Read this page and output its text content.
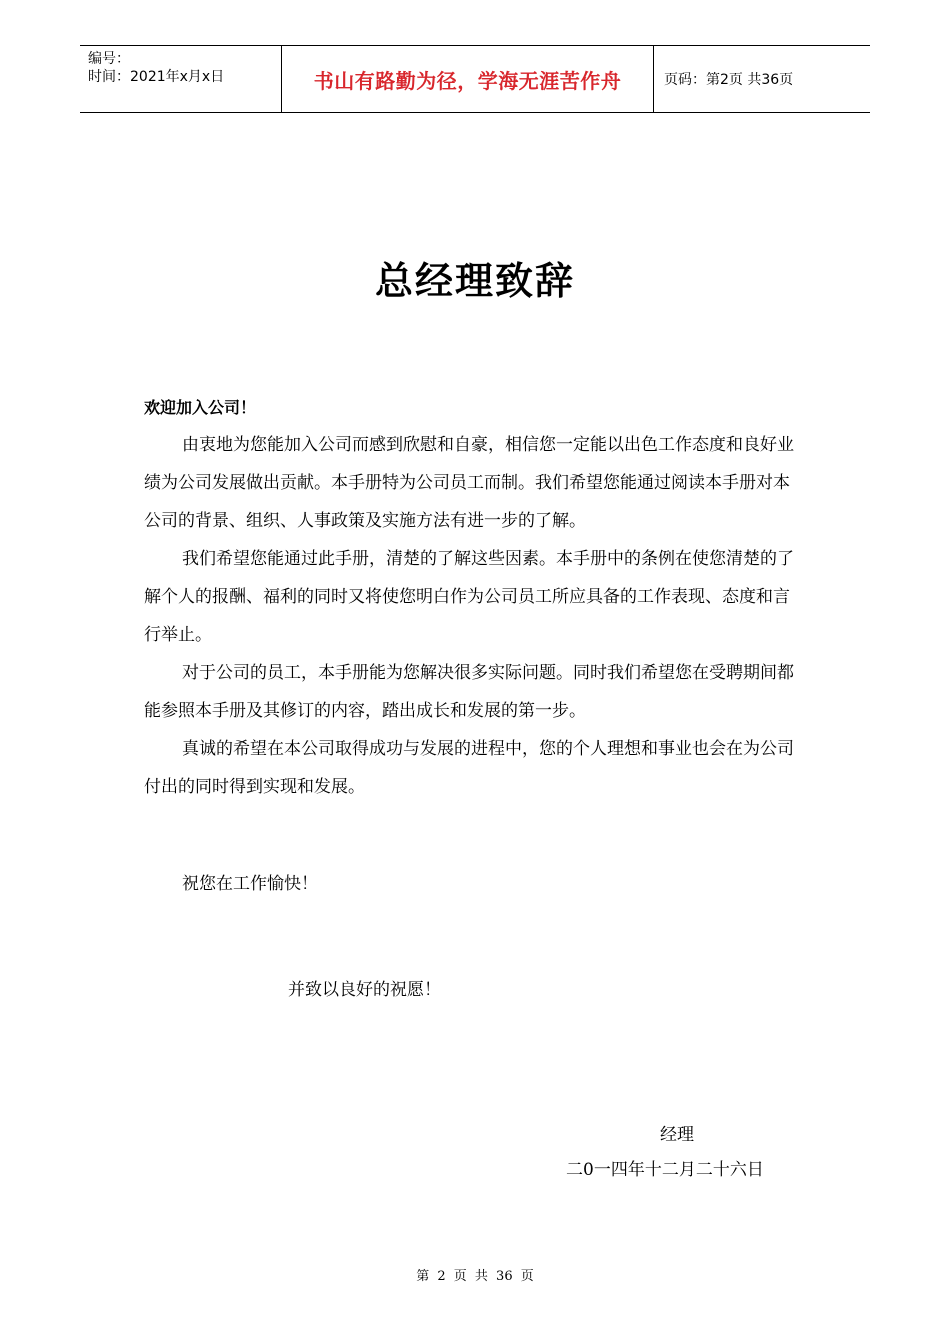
编号：
时间：2021年x月x日	书山有路勤为径，学海无涯苦作舟	页码：第2页 共36页
总经理致辞
欢迎加入公司！

由衷地为您能加入公司而感到欣慰和自豪，相信您一定能以出色工作态度和良好业绩为公司发展做出贡献。本手册特为公司员工而制。我们希望您能通过阅读本手册对本公司的背景、组织、人事政策及实施方法有进一步的了解。

我们希望您能通过此手册，清楚的了解这些因素。本手册中的条例在使您清楚的了解个人的报酬、福利的同时又将使您明白作为公司员工所应具备的工作表现、态度和言行举止。

对于公司的员工，本手册能为您解决很多实际问题。同时我们希望您在受聘期间都能参照本手册及其修订的内容，踏出成长和发展的第一步。

真诚的希望在本公司取得成功与发展的进程中，您的个人理想和事业也会在为公司付出的同时得到实现和发展。

祝您在工作愉快！
并致以良好的祝愿！
经理
二0一四年十二月二十六日
第 2 页 共 36 页
